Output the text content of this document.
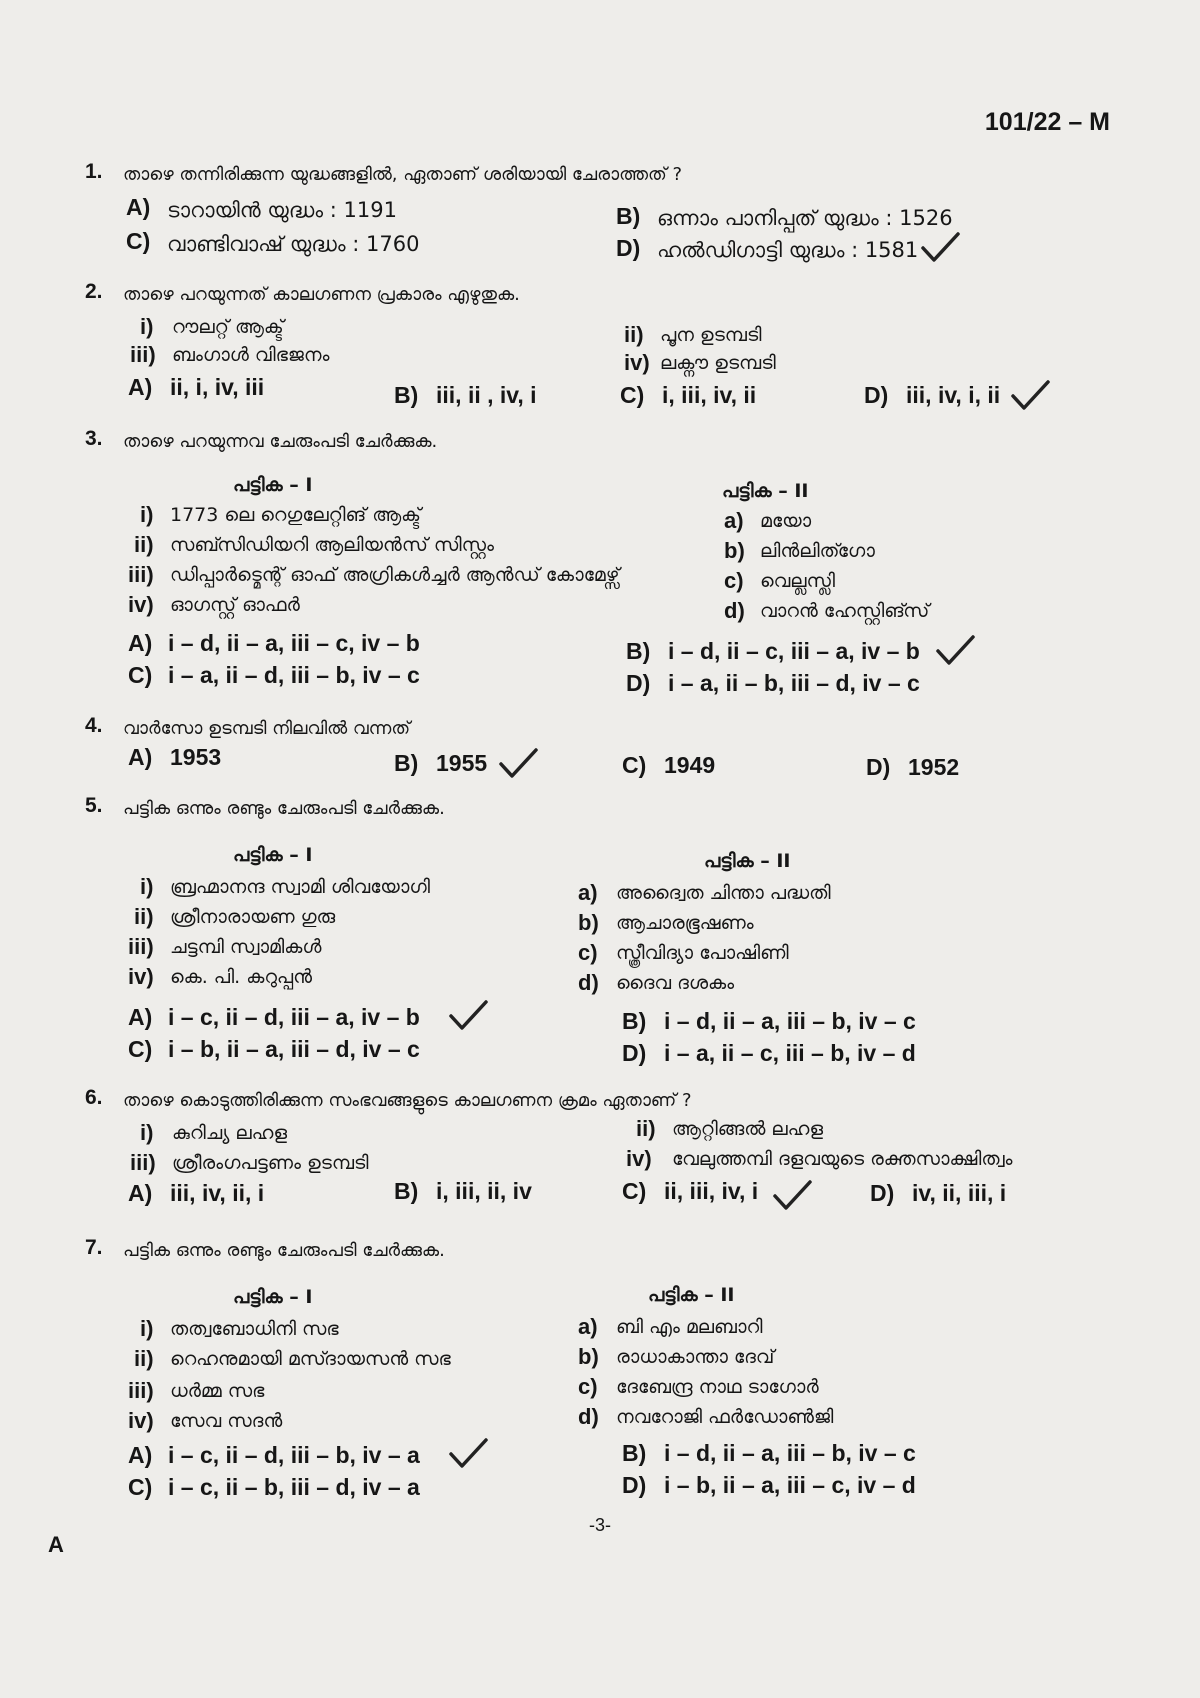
101/22 – M
1. താഴെ തന്നിരിക്കുന്ന യുദ്ധങ്ങളിൽ, ഏതാണ് ശരിയായി ചേരാത്തത് ?
A) ടാറായിൻ യുദ്ധം : 1191	B) ഒന്നാം പാനിപ്പത് യുദ്ധം : 1526
C) വാണ്ടിവാഷ് യുദ്ധം : 1760	D) ഹൽഡിഗാട്ടി യുദ്ധം : 1581
2. താഴെ പറയുന്നത് കാലഗണന പ്രകാരം എഴുതുക.
i) റൗലറ്റ് ആക്ട്	ii) പൂന ഉടമ്പടി
iii) ബംഗാൾ വിഭജനം	iv) ലക്നൗ ഉടമ്പടി
A) ii, i, iv, iii	B) iii, ii , iv, i	C) i, iii, iv, ii	D) iii, iv, i, ii
3. താഴെ പറയുന്നവ ചേരുംപടി ചേർക്കുക.
പട്ടിക – I	പട്ടിക – II
i) 1773 ലെ റെഗുലേറ്റിങ് ആക്ട്
ii) സബ്സിഡിയറി ആലിയൻസ് സിസ്റ്റം
iii) ഡിപ്പാർട്മെന്റ് ഓഫ് അഗ്രികൾച്ചർ ആൻഡ് കോമേഴ്സ്
iv) ഓഗസ്റ്റ് ഓഫർ
a) മയോ
b) ലിൻലിത്ഗോ
c) വെല്ലസ്ലി
d) വാറൻ ഹേസ്റ്റിങ്സ്
A) i – d, ii – a, iii – c, iv – b	B) i – d, ii – c, iii – a, iv – b
C) i – a, ii – d, iii – b, iv – c	D) i – a, ii – b, iii – d, iv – c
4. വാർസോ ഉടമ്പടി നിലവിൽ വന്നത്
A) 1953	B) 1955	C) 1949	D) 1952
5. പട്ടിക ഒന്നും രണ്ടും ചേരുംപടി ചേർക്കുക.
പട്ടിക – I	പട്ടിക – II
i) ബ്രഹ്മാനന്ദ സ്വാമി ശിവയോഗി
ii) ശ്രീനാരായണ ഗുരു
iii) ചട്ടമ്പി സ്വാമികൾ
iv) കെ. പി. കറുപ്പൻ
a) അദ്വൈത ചിന്താ പദ്ധതി
b) ആചാരഭൂഷണം
c) സ്ത്രീവിദ്യാ പോഷിണി
d) ദൈവ ദശകം
A) i – c, ii – d, iii – a, iv – b	B) i – d, ii – a, iii – b, iv – c
C) i – b, ii – a, iii – d, iv – c	D) i – a, ii – c, iii – b, iv – d
6. താഴെ കൊടുത്തിരിക്കുന്ന സംഭവങ്ങളുടെ കാലഗണന ക്രമം ഏതാണ് ?
i) കുറിച്യ ലഹള	ii) ആറ്റിങ്ങൽ ലഹള
iii) ശ്രീരംഗപട്ടണം ഉടമ്പടി	iv) വേലുത്തമ്പി ദളവയുടെ രക്തസാക്ഷിത്വം
A) iii, iv, ii, i	B) i, iii, ii, iv	C) ii, iii, iv, i	D) iv, ii, iii, i
7. പട്ടിക ഒന്നും രണ്ടും ചേരുംപടി ചേർക്കുക.
പട്ടിക – I	പട്ടിക – II
i) തത്വബോധിനി സഭ
ii) റെഹനുമായി മസ്ദായസൻ സഭ
iii) ധർമ്മ സഭ
iv) സേവ സദൻ
a) ബി എം മലബാറി
b) രാധാകാന്താ ദേവ്
c) ദേബേന്ദ്ര നാഥ ടാഗോർ
d) നവറോജി ഫർഡോൺജി
A) i – c, ii – d, iii – b, iv – a	B) i – d, ii – a, iii – b, iv – c
C) i – c, ii – b, iii – d, iv – a	D) i – b, ii – a, iii – c, iv – d
-3-
A
